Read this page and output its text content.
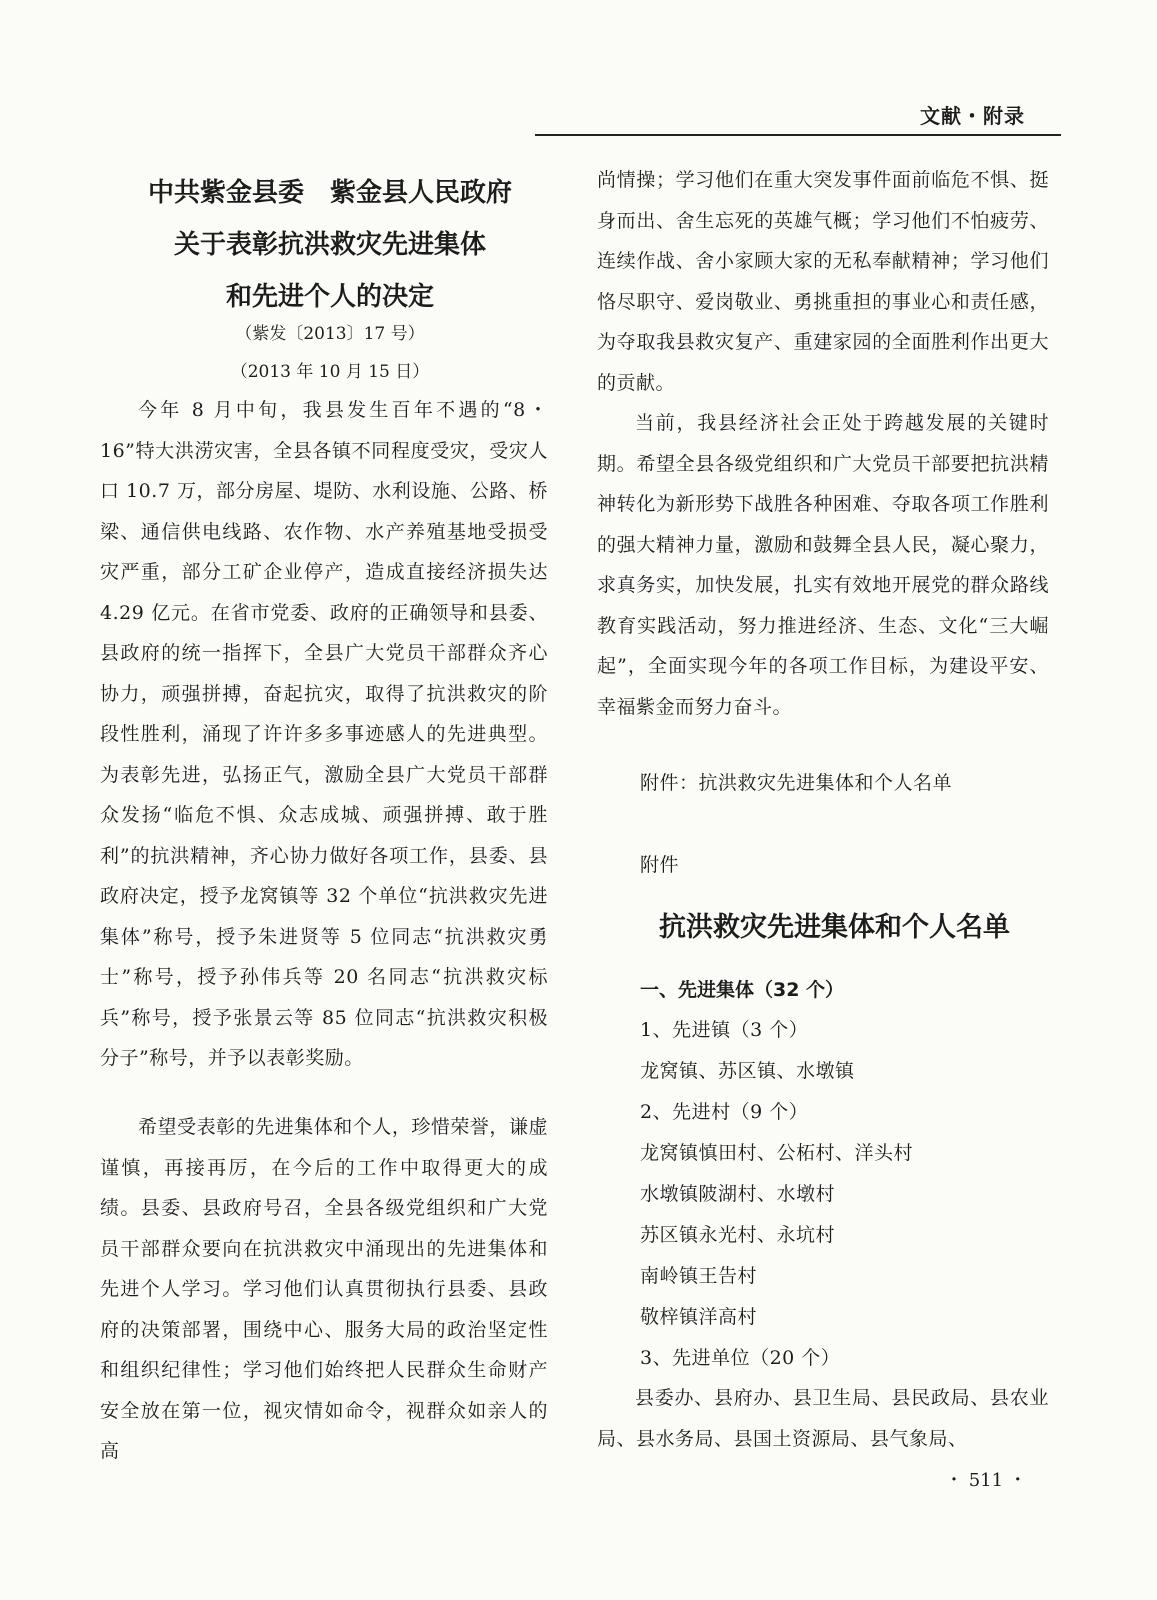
文献・附录
中共紫金县委　紫金县人民政府
关于表彰抗洪救灾先进集体
和先进个人的决定
（紫发〔2013〕17 号）
（2013 年 10 月 15 日）

今年 8 月中旬，我县发生百年不遇的“8・16”特大洪涝灾害，全县各镇不同程度受灾，受灾人口 10.7 万，部分房屋、堤防、水利设施、公路、桥梁、通信供电线路、农作物、水产养殖基地受损受灾严重，部分工矿企业停产，造成直接经济损失达 4.29 亿元。在省市党委、政府的正确领导和县委、县政府的统一指挥下，全县广大党员干部群众齐心协力，顽强拼搏，奋起抗灾，取得了抗洪救灾的阶段性胜利，涌现了许许多多事迹感人的先进典型。为表彰先进，弘扬正气，激励全县广大党员干部群众发扬“临危不惧、众志成城、顽强拼搏、敢于胜利”的抗洪精神，齐心协力做好各项工作，县委、县政府决定，授予龙窝镇等 32 个单位“抗洪救灾先进集体”称号，授予朱进贤等 5 位同志“抗洪救灾勇士”称号，授予孙伟兵等 20 名同志“抗洪救灾标兵”称号，授予张景云等 85 位同志“抗洪救灾积极分子”称号，并予以表彰奖励。

希望受表彰的先进集体和个人，珍惜荣誉，谦虚谨慎，再接再厉，在今后的工作中取得更大的成绩。县委、县政府号召，全县各级党组织和广大党员干部群众要向在抗洪救灾中涌现出的先进集体和先进个人学习。学习他们认真贯彻执行县委、县政府的决策部署，围绕中心、服务大局的政治坚定性和组织纪律性；学习他们始终把人民群众生命财产安全放在第一位，视灾情如命令，视群众如亲人的高

尚情操；学习他们在重大突发事件面前临危不惧、挺身而出、舍生忘死的英雄气概；学习他们不怕疲劳、连续作战、舍小家顾大家的无私奉献精神；学习他们恪尽职守、爱岗敬业、勇挑重担的事业心和责任感，为夺取我县救灾复产、重建家园的全面胜利作出更大的贡献。

当前，我县经济社会正处于跨越发展的关键时期。希望全县各级党组织和广大党员干部要把抗洪精神转化为新形势下战胜各种困难、夺取各项工作胜利的强大精神力量，激励和鼓舞全县人民，凝心聚力，求真务实，加快发展，扎实有效地开展党的群众路线教育实践活动，努力推进经济、生态、文化“三大崛起”，全面实现今年的各项工作目标，为建设平安、幸福紫金而努力奋斗。

附件：抗洪救灾先进集体和个人名单
附件
抗洪救灾先进集体和个人名单
一、先进集体（32 个）
1、先进镇（3 个）
龙窝镇、苏区镇、水墩镇
2、先进村（9 个）
龙窝镇慎田村、公柘村、洋头村
水墩镇陂湖村、水墩村
苏区镇永光村、永坑村
南岭镇王告村
敬梓镇洋高村
3、先进单位（20 个）

县委办、县府办、县卫生局、县民政局、县农业局、县水务局、县国土资源局、县气象局、

・ 511 ・
